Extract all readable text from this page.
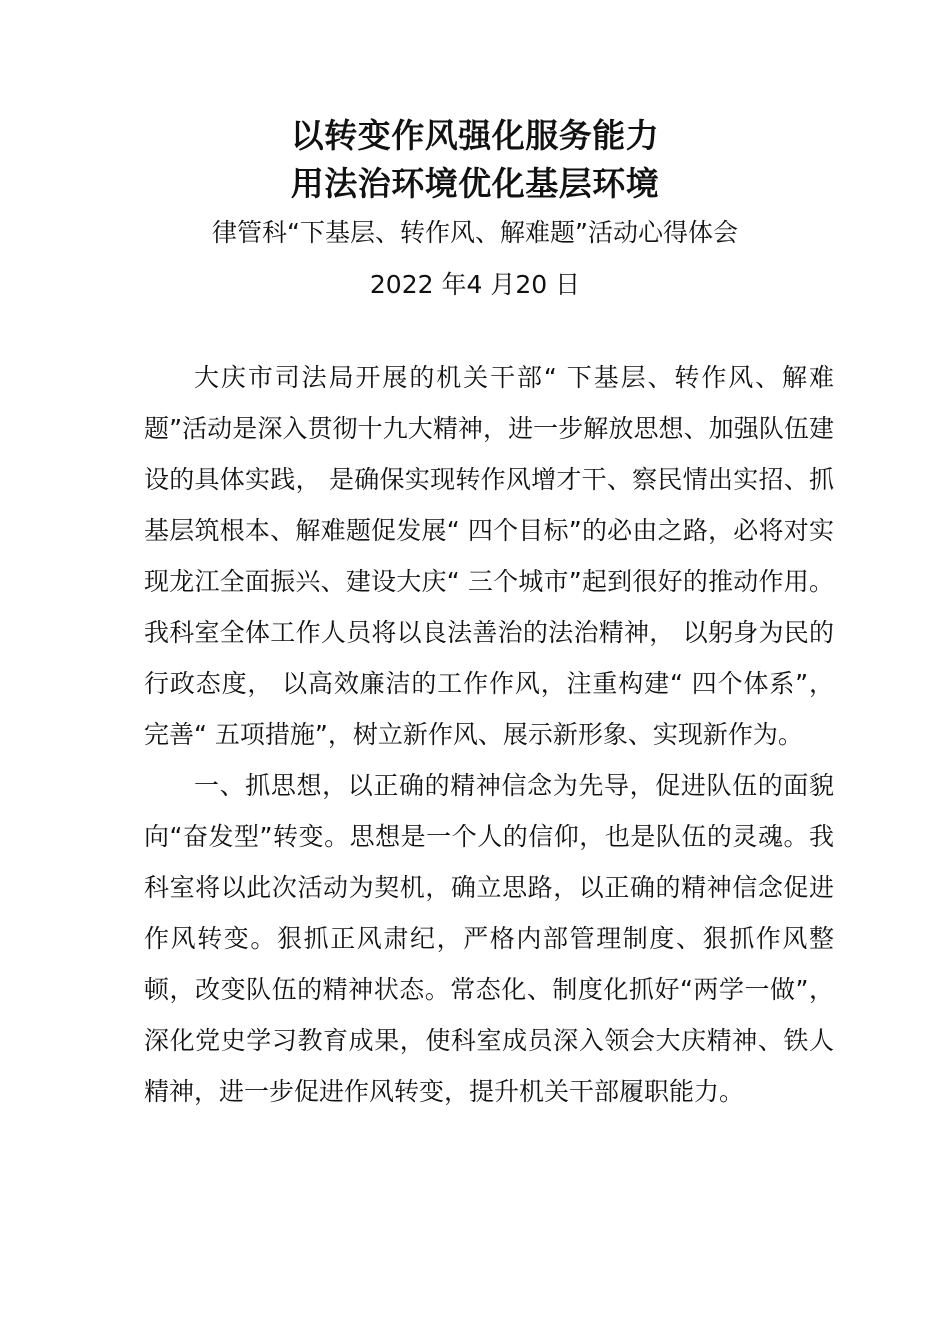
以转变作风强化服务能力
用法治环境优化基层环境
律管科“下基层、转作风、解难题”活动心得体会
2022 年4 月20 日

大庆市司法局开展的机关干部“ 下基层、转作风、解难题”活动是深入贯彻十九大精神，进一步解放思想、加强队伍建设的具体实践， 是确保实现转作风增才干、察民情出实招、抓基层筑根本、解难题促发展“ 四个目标”的必由之路，必将对实现龙江全面振兴、建设大庆“ 三个城市”起到很好的推动作用。我科室全体工作人员将以良法善治的法治精神， 以躬身为民的行政态度， 以高效廉洁的工作作风，注重构建“ 四个体系”，完善“ 五项措施”，树立新作风、展示新形象、实现新作为。

一、抓思想，以正确的精神信念为先导，促进队伍的面貌向“奋发型”转变。思想是一个人的信仰，也是队伍的灵魂。我科室将以此次活动为契机，确立思路，以正确的精神信念促进作风转变。狠抓正风肃纪，严格内部管理制度、狠抓作风整顿，改变队伍的精神状态。常态化、制度化抓好“两学一做”，深化党史学习教育成果，使科室成员深入领会大庆精神、铁人精神，进一步促进作风转变，提升机关干部履职能力。
